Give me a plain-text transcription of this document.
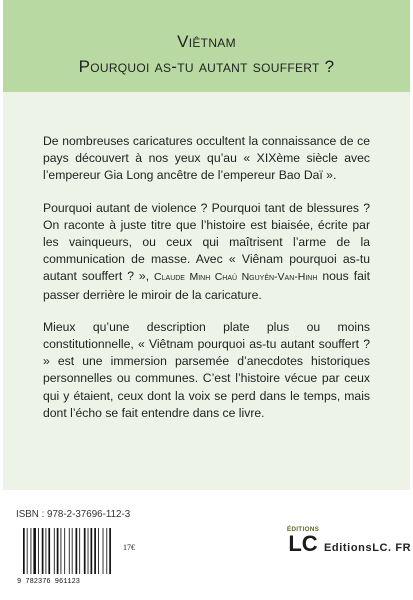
Viêtnam
Pourquoi as-tu autant souffert ?

De nombreuses caricatures occultent la connaissance de ce pays découvert à nos yeux qu’au « XIXème siècle avec l’empereur Gia Long ancêtre de l’empereur Bao Daï ».

Pourquoi autant de violence ? Pourquoi tant de blessures ? On raconte à juste titre que l’histoire est biaisée, écrite par les vainqueurs, ou ceux qui maîtrisent l’arme de la communication de masse. Avec « Viênam pourquoi as-tu autant souffert ? », Claude Minh Chaû Nguyên-Van-Hinh nous fait passer derrière le miroir de la caricature.

Mieux qu’une description plate plus ou moins constitutionnelle, « Viêtnam pourquoi as-tu autant souffert ? » est une immersion parsemée d’anecdotes historiques personnelles ou communes. C’est l’histoire vécue par ceux qui y étaient, ceux dont la voix se perd dans le temps, mais dont l’écho se fait entendre dans ce livre.

ISBN : 978-2-37696-112-3
9 782376 961123
17€
ÉDITIONS
LC EditionsLC. FR
